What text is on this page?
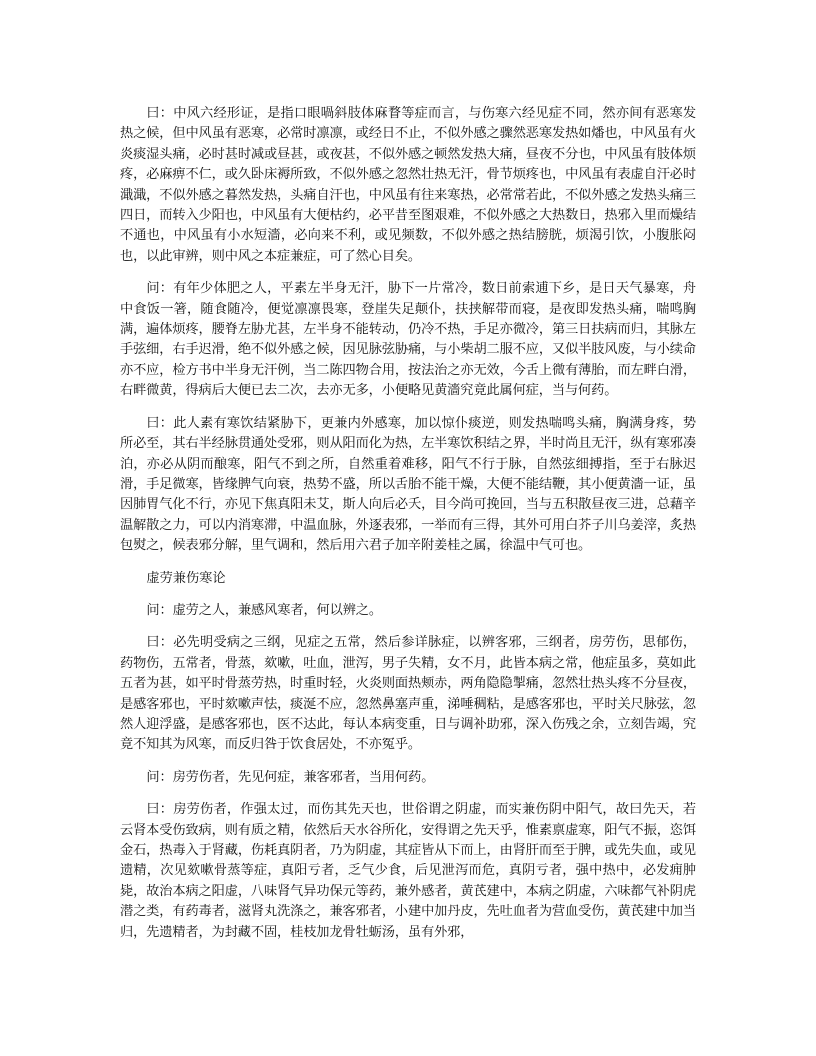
曰：中风六经形证，是指口眼喎斜肢体麻瞀等症而言，与伤寒六经见症不同，然亦间有恶寒发热之候，但中风虽有恶寒，必常时凛凛，或经日不止，不似外感之骤然恶寒发热如燔也，中风虽有火炎痰湿头痛，必时甚时减或昼甚，或夜甚，不似外感之顿然发热大痛，昼夜不分也，中风虽有肢体烦疼，必麻痹不仁，或久卧床褥所致，不似外感之忽然壮热无汗，骨节烦疼也，中风虽有表虚自汗必时濈濈，不似外感之暮然发热，头痛自汗也，中风虽有往来寒热，必常常若此，不似外感之发热头痛三四日，而转入少阳也，中风虽有大便枯约，必平昔至图艰难，不似外感之大热数日，热邪入里而燥结不通也，中风虽有小水短濇，必向来不利，或见频数，不似外感之热结膀胱，烦渴引饮，小腹胀闷也，以此审辨，则中风之本症兼症，可了然心目矣。

问：有年少体肥之人，平素左半身无汗，胁下一片常冷，数日前索逋下乡，是日天气暴寒，舟中食饭一箸，随食随冷，便觉凛凛畏寒，登崖失足颠仆，扶挟解带而寝，是夜即发热头痛，喘鸣胸满，遍体烦疼，腰脊左胁尤甚，左半身不能转动，仍冷不热，手足亦微冷，第三日扶病而归，其脉左手弦细，右手迟滑，绝不似外感之候，因见脉弦胁痛，与小柴胡二服不应，又似半肢风废，与小续命亦不应，检方书中半身无汗例，当二陈四物合用，按法治之亦无效，今舌上微有薄胎，而左畔白滑，右畔微黄，得病后大便已去二次，去亦无多，小便略见黄濇究竟此属何症，当与何药。

曰：此人素有寒饮结紧胁下，更兼内外感寒，加以惊仆痰逆，则发热喘鸣头痛，胸满身疼，势所必至，其右半经脉贯通处受邪，则从阳而化为热，左半寒饮积结之界，半时尚且无汗，纵有寒邪凑泊，亦必从阴而酿寒，阳气不到之所，自然重着难移，阳气不行于脉，自然弦细搏指，至于右脉迟滑，手足微寒，皆缘脾气向衰，热势不盛，所以舌胎不能干燥，大便不能结鞭，其小便黄濇一证，虽因肺胃气化不行，亦见下焦真阳未艾，斯人向后必夭，目今尚可挽回，当与五积散昼夜三进，总藉辛温解散之力，可以内消寒滞，中温血脉，外逐表邪，一举而有三得，其外可用白芥子川乌姜滓，炙热包熨之，候表邪分解，里气调和，然后用六君子加辛附姜桂之属，徐温中气可也。

虚劳兼伤寒论

问：虚劳之人，兼感风寒者，何以辨之。

曰：必先明受病之三纲，见症之五常，然后参详脉症，以辨客邪，三纲者，房劳伤，思郁伤，药物伤，五常者，骨蒸，欬嗽，吐血，泄泻，男子失精，女不月，此皆本病之常，他症虽多，莫如此五者为甚，如平时骨蒸劳热，时重时轻，火炎则面热颊赤，两角隐隐掣痛，忽然壮热头疼不分昼夜，是感客邪也，平时欬嗽声怯，痰涎不应，忽然鼻塞声重，涕唾稠粘，是感客邪也，平时关尺脉弦，忽然人迎浮盛，是感客邪也，医不达此，每认本病变重，日与调补助邪，深入伤残之余，立刻告竭，究竟不知其为风寒，而反归咎于饮食居处，不亦冤乎。

问：房劳伤者，先见何症，兼客邪者，当用何药。

曰：房劳伤者，作强太过，而伤其先天也，世俗谓之阴虚，而实兼伤阴中阳气，故曰先天，若云肾本受伤致病，则有质之精，依然后天水谷所化，安得谓之先天乎，惟素禀虚寒，阳气不振，恣饵金石，热毒入于肾藏，伤耗真阴者，乃为阴虚，其症皆从下而上，由肾肝而至于脾，或先失血，或见遗精，次见欬嗽骨蒸等症，真阳亏者，乏气少食，后见泄泻而危，真阴亏者，强中热中，必发痈肿毙，故治本病之阳虚，八味肾气异功保元等药，兼外感者，黄芪建中，本病之阴虚，六味都气补阴虎潜之类，有药毒者，滋肾丸洗涤之，兼客邪者，小建中加丹皮，先吐血者为营血受伤，黄芪建中加当归，先遗精者，为封藏不固，桂枝加龙骨牡蛎汤，虽有外邪，
